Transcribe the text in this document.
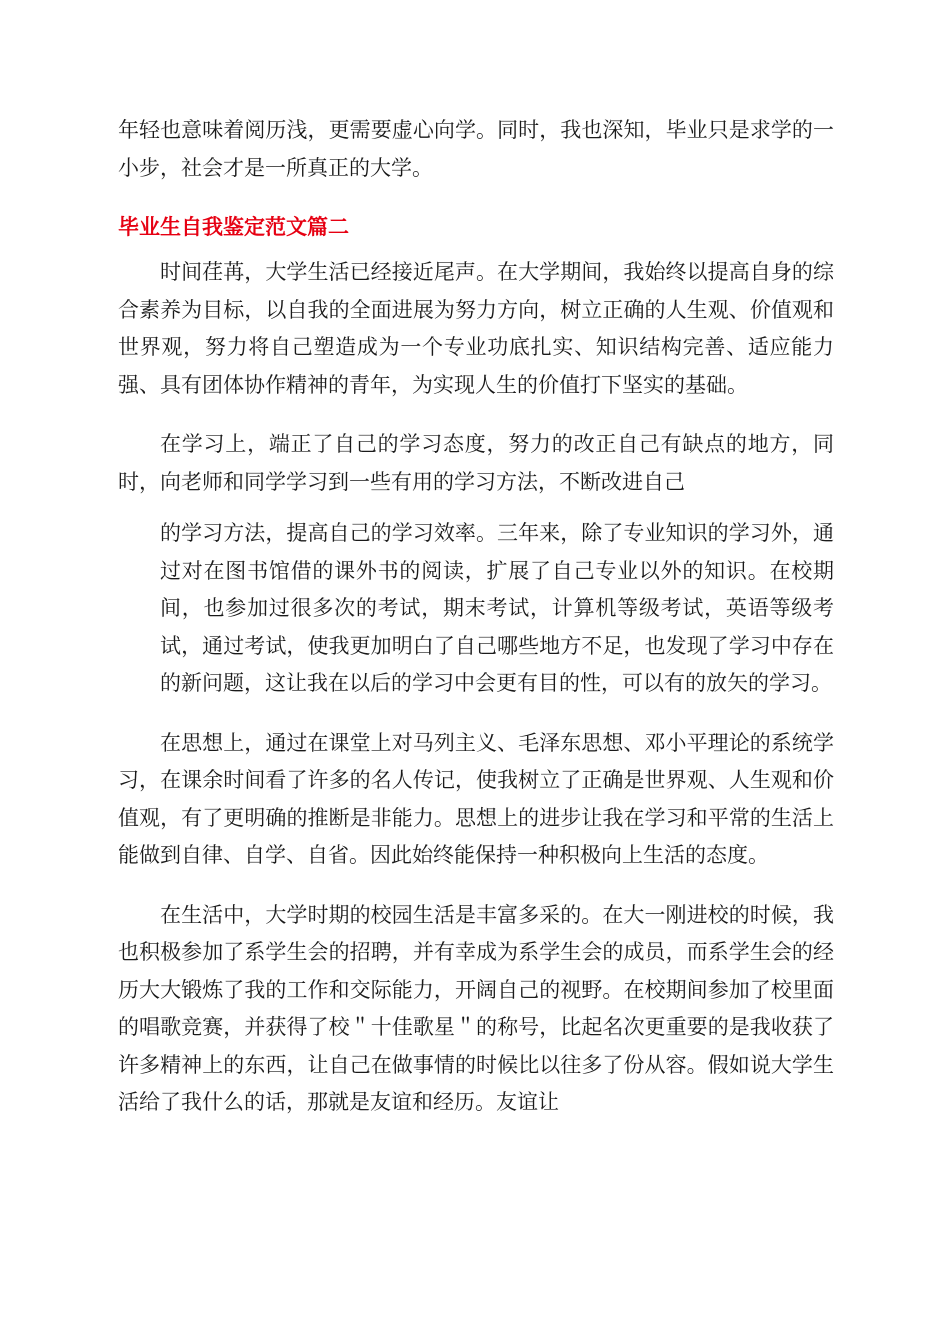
年轻也意味着阅历浅，更需要虚心向学。同时，我也深知，毕业只是求学的一小步，社会才是一所真正的大学。

毕业生自我鉴定范文篇二

时间荏苒，大学生活已经接近尾声。在大学期间，我始终以提高自身的综合素养为目标，以自我的全面进展为努力方向，树立正确的人生观、价值观和世界观，努力将自己塑造成为一个专业功底扎实、知识结构完善、适应能力强、具有团体协作精神的青年，为实现人生的价值打下坚实的基础。

在学习上，端正了自己的学习态度，努力的改正自己有缺点的地方，同时，向老师和同学学习到一些有用的学习方法，不断改进自己

的学习方法，提高自己的学习效率。三年来，除了专业知识的学习外，通过对在图书馆借的课外书的阅读，扩展了自己专业以外的知识。在校期间，也参加过很多次的考试，期末考试，计算机等级考试，英语等级考试，通过考试，使我更加明白了自己哪些地方不足，也发现了学习中存在的新问题，这让我在以后的学习中会更有目的性，可以有的放矢的学习。

在思想上，通过在课堂上对马列主义、毛泽东思想、邓小平理论的系统学习，在课余时间看了许多的名人传记，使我树立了正确是世界观、人生观和价值观，有了更明确的推断是非能力。思想上的进步让我在学习和平常的生活上能做到自律、自学、自省。因此始终能保持一种积极向上生活的态度。

在生活中，大学时期的校园生活是丰富多采的。在大一刚进校的时候，我也积极参加了系学生会的招聘，并有幸成为系学生会的成员，而系学生会的经历大大锻炼了我的工作和交际能力，开阔自己的视野。在校期间参加了校里面的唱歌竞赛，并获得了校＂十佳歌星＂的称号，比起名次更重要的是我收获了许多精神上的东西，让自己在做事情的时候比以往多了份从容。假如说大学生活给了我什么的话，那就是友谊和经历。友谊让
